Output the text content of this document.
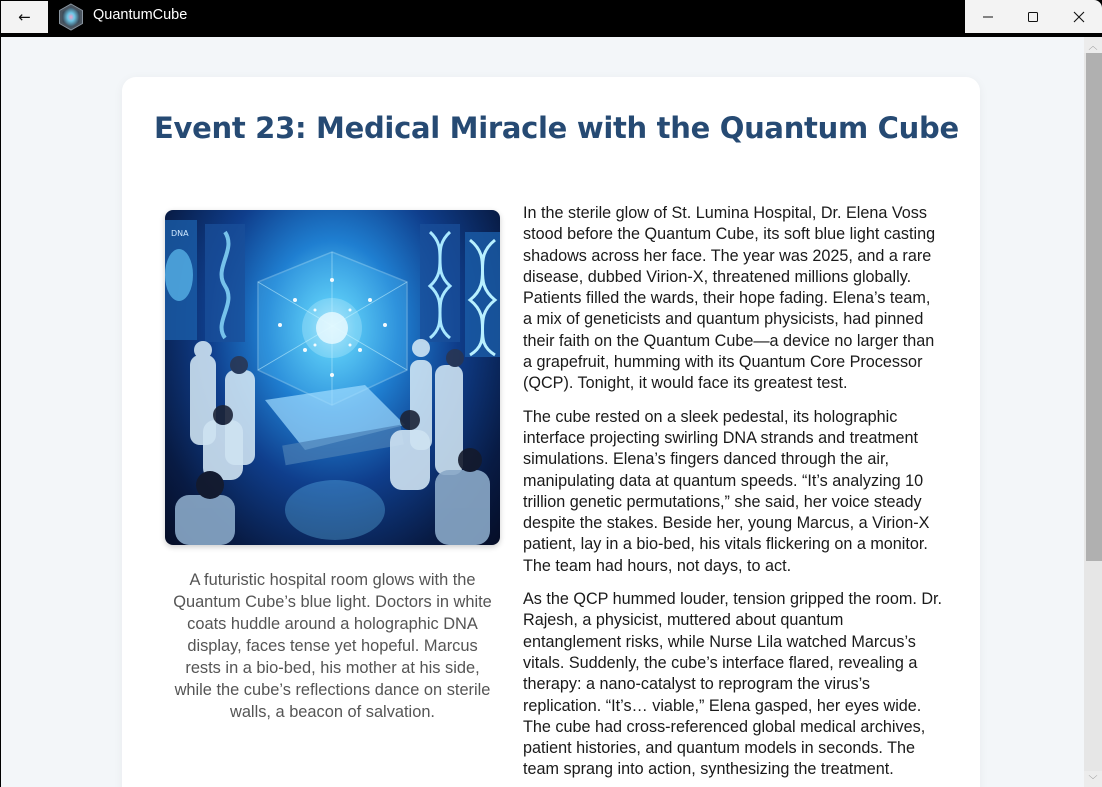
←	QuantumCube
Event 23: Medical Miracle with the Quantum Cube
DNA

A futuristic hospital room glows with the Quantum Cube’s blue light. Doctors in white coats huddle around a holographic DNA display, faces tense yet hopeful. Marcus rests in a bio-bed, his mother at his side, while the cube’s reflections dance on sterile walls, a beacon of salvation.

In the sterile glow of St. Lumina Hospital, Dr. Elena Voss stood before the Quantum Cube, its soft blue light casting shadows across her face. The year was 2025, and a rare disease, dubbed Virion-X, threatened millions globally. Patients filled the wards, their hope fading. Elena’s team, a mix of geneticists and quantum physicists, had pinned their faith on the Quantum Cube—a device no larger than a grapefruit, humming with its Quantum Core Processor (QCP). Tonight, it would face its greatest test.

The cube rested on a sleek pedestal, its holographic interface projecting swirling DNA strands and treatment simulations. Elena’s fingers danced through the air, manipulating data at quantum speeds. “It’s analyzing 10 trillion genetic permutations,” she said, her voice steady despite the stakes. Beside her, young Marcus, a Virion-X patient, lay in a bio-bed, his vitals flickering on a monitor. The team had hours, not days, to act.

As the QCP hummed louder, tension gripped the room. Dr. Rajesh, a physicist, muttered about quantum entanglement risks, while Nurse Lila watched Marcus’s vitals. Suddenly, the cube’s interface flared, revealing a therapy: a nano-catalyst to reprogram the virus’s replication. “It’s… viable,” Elena gasped, her eyes wide. The cube had cross-referenced global medical archives, patient histories, and quantum models in seconds. The team sprang into action, synthesizing the treatment.

︿
﹀
